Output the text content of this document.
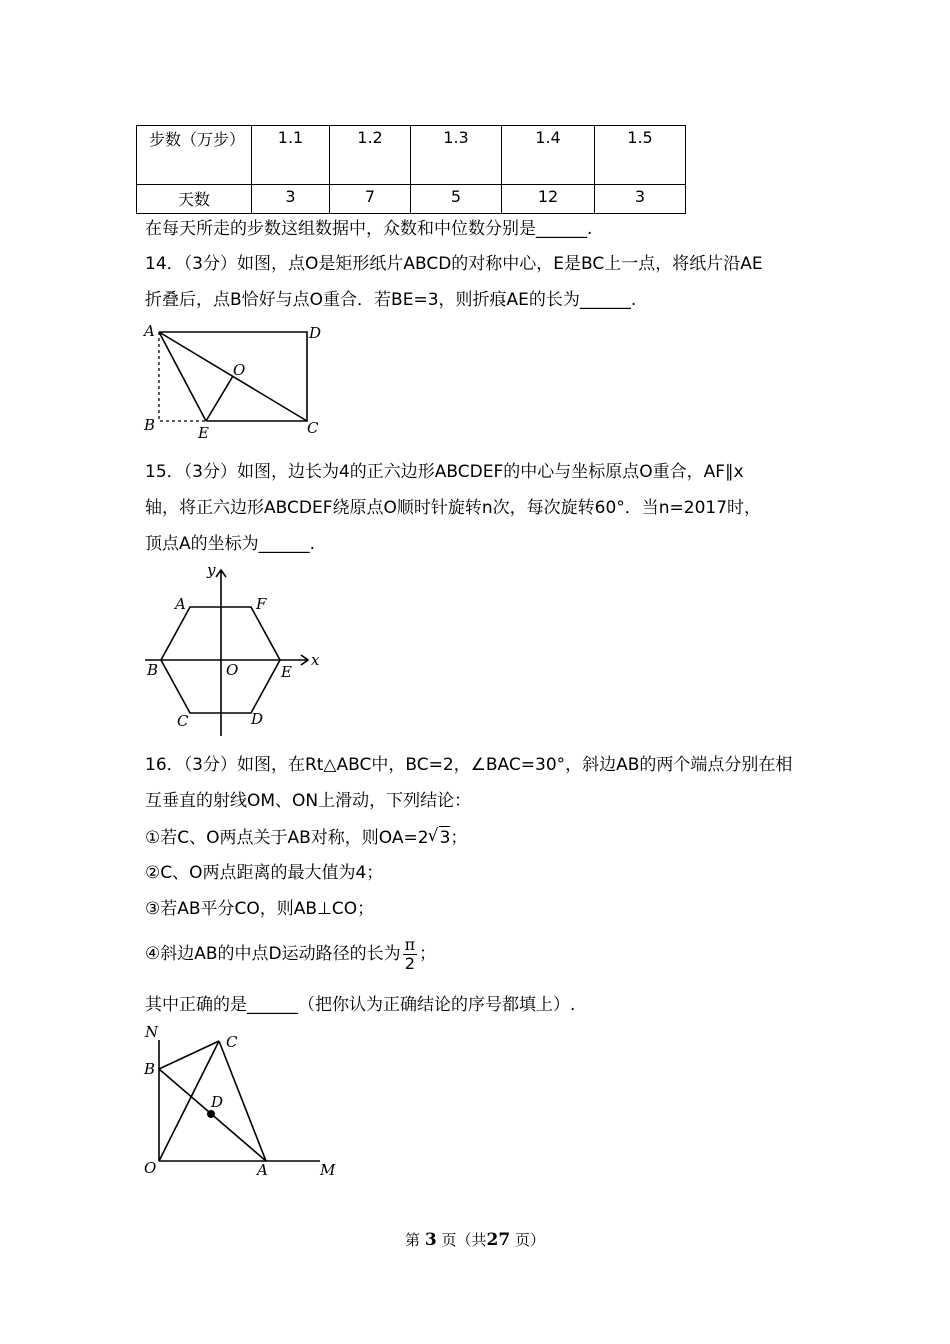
步数（万步）	1.1	1.2	1.3	1.4	1.5
天数	3	7	5	12	3
在每天所走的步数这组数据中，众数和中位数分别是______.
14．（3分）如图，点O是矩形纸片ABCD的对称中心，E是BC上一点，将纸片沿AE
折叠后，点B恰好与点O重合．若BE=3，则折痕AE的长为______.
A	D
O
B	E	C
15．（3分）如图，边长为4的正六边形ABCDEF的中心与坐标原点O重合，AF∥x
轴，将正六边形ABCDEF绕原点O顺时针旋转n次，每次旋转60°．当n=2017时，
顶点A的坐标为______.
y
A	F
B	O	E
x
C	D
16．（3分）如图，在Rt△ABC中，BC=2，∠BAC=30°，斜边AB的两个端点分别在相
互垂直的射线OM、ON上滑动，下列结论：
①若C、O两点关于AB对称，则OA=2 √ 3；
②C、O两点距离的最大值为4；
③若AB平分CO，则AB⊥CO；
④斜边AB的中点D运动路径的长为 $\frac{\pi}{2}$ ；
其中正确的是______（把你认为正确结论的序号都填上）.
N
C
B
D
O	A	M
第 3 页（共27 页）
